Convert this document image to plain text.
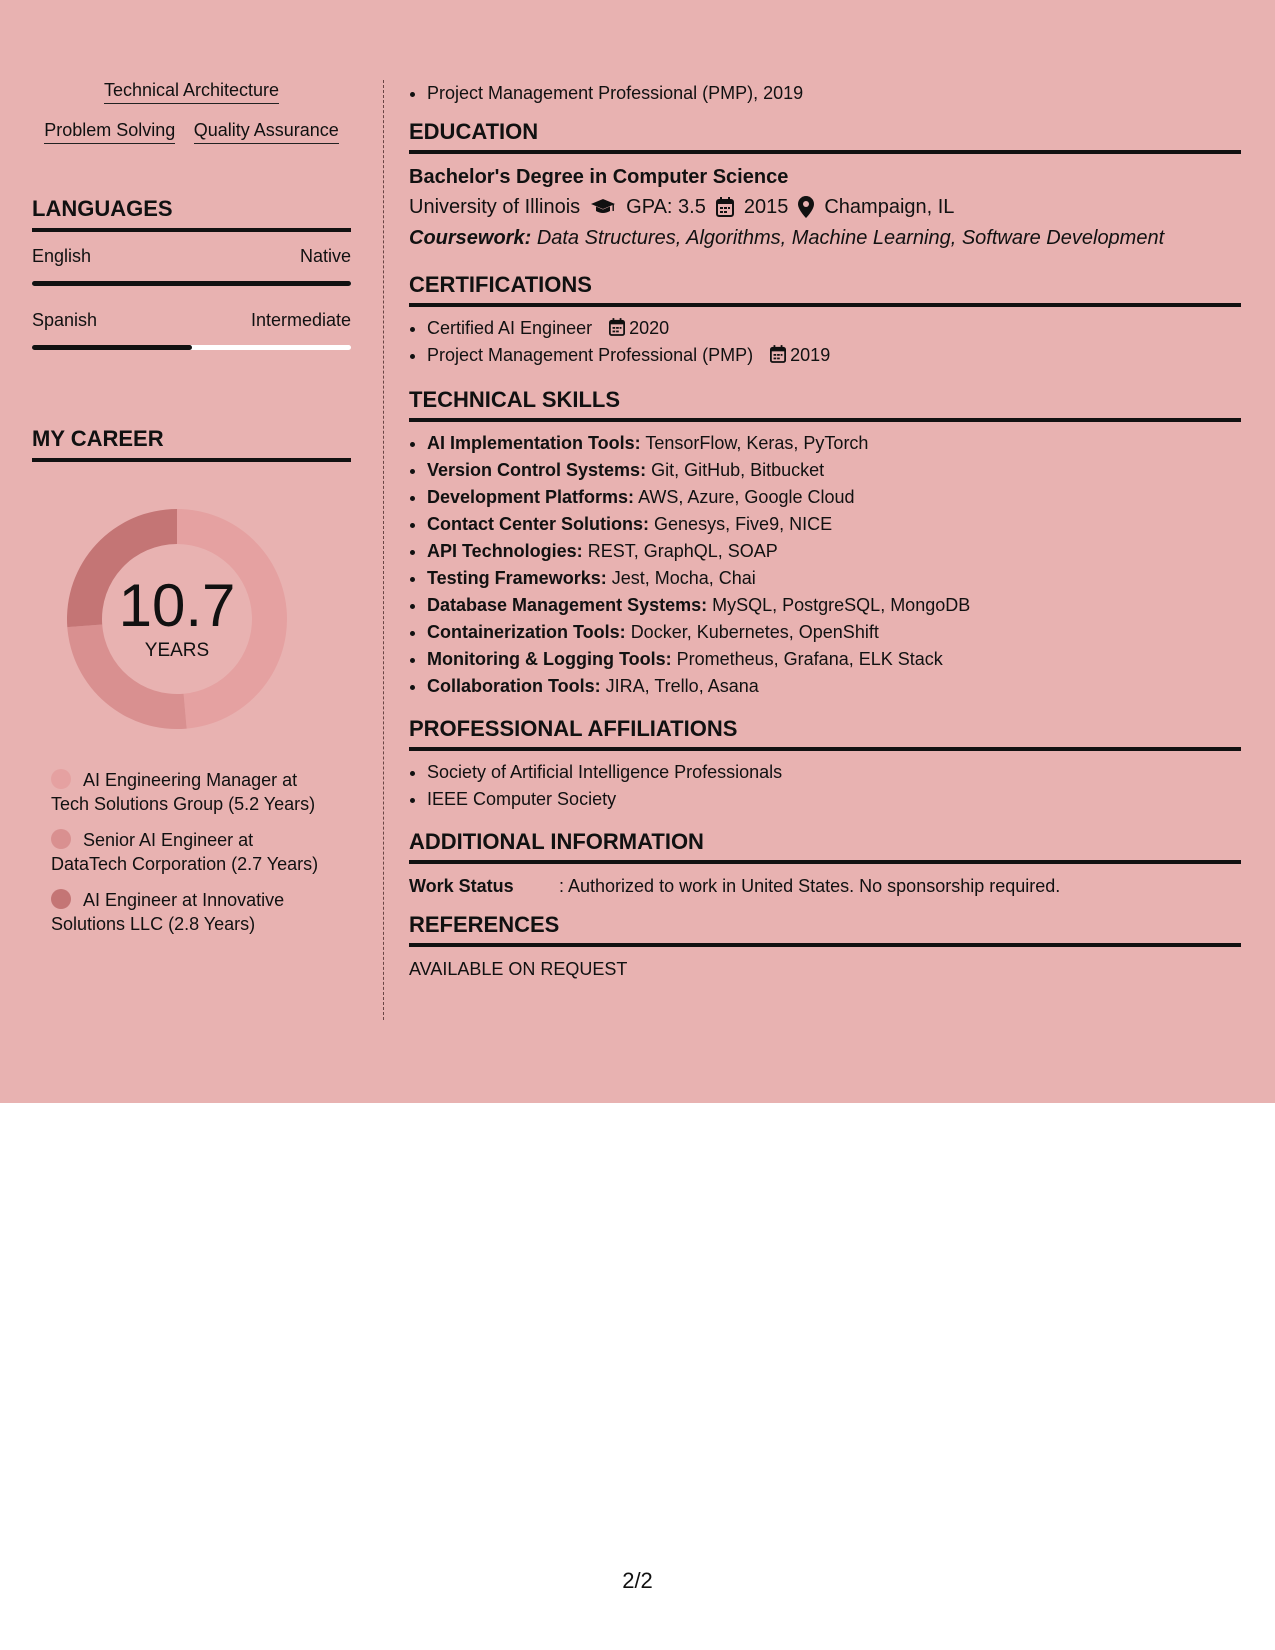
Technical Architecture
Problem Solving Quality Assurance
LANGUAGES
English	Native
Spanish	Intermediate
MY CAREER
10.7
YEARS
AI Engineering Manager at Tech Solutions Group (5.2 Years)
Senior AI Engineer at DataTech Corporation (2.7 Years)
AI Engineer at Innovative Solutions LLC (2.8 Years)
• Project Management Professional (PMP), 2019
EDUCATION
Bachelor's Degree in Computer Science
University of Illinois GPA: 3.5 2015 Champaign, IL
Coursework: Data Structures, Algorithms, Machine Learning, Software Development
CERTIFICATIONS
• Certified AI Engineer 2020
• Project Management Professional (PMP) 2019
TECHNICAL SKILLS
• AI Implementation Tools: TensorFlow, Keras, PyTorch
• Version Control Systems: Git, GitHub, Bitbucket
• Development Platforms: AWS, Azure, Google Cloud
• Contact Center Solutions: Genesys, Five9, NICE
• API Technologies: REST, GraphQL, SOAP
• Testing Frameworks: Jest, Mocha, Chai
• Database Management Systems: MySQL, PostgreSQL, MongoDB
• Containerization Tools: Docker, Kubernetes, OpenShift
• Monitoring & Logging Tools: Prometheus, Grafana, ELK Stack
• Collaboration Tools: JIRA, Trello, Asana
PROFESSIONAL AFFILIATIONS
• Society of Artificial Intelligence Professionals
• IEEE Computer Society
ADDITIONAL INFORMATION
Work Status	: Authorized to work in United States. No sponsorship required.
REFERENCES
AVAILABLE ON REQUEST
2/2
